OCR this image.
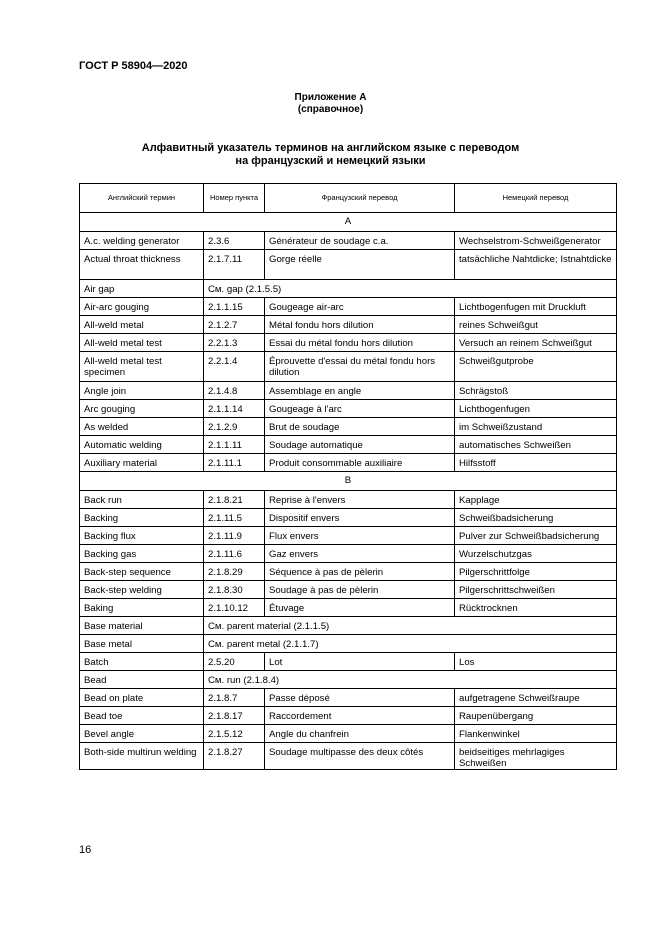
ГОСТ Р 58904—2020
Приложение А
(справочное)
Алфавитный указатель терминов на английском языке с переводом
на французский и немецкий языки
Английский термин	Номер пункта	Французский перевод	Немецкий перевод
A			
A.c. welding generator	2.3.6	Générateur de soudage c.a.	Wechselstrom-Schweißgenerator
Actual throat thickness	2.1.7.11	Gorge réelle	tatsächliche Nahtdicke; Istnahtdicke
Air gap	См. gap (2.1.5.5)		
Air-arc gouging	2.1.1.15	Gougeage air-arc	Lichtbogenfugen mit Druckluft
All-weld metal	2.1.2.7	Métal fondu hors dilution	reines Schweißgut
All-weld metal test	2.2.1.3	Essai du métal fondu hors dilution	Versuch an reinem Schweißgut
All-weld metal test specimen	2.2.1.4	Éprouvette d'essai du métal fondu hors dilution	Schweißgutprobe
Angle join	2.1.4.8	Assemblage en angle	Schrägstoß
Arc gouging	2.1.1.14	Gougeage à l'arc	Lichtbogenfugen
As welded	2.1.2.9	Brut de soudage	im Schweißzustand
Automatic welding	2.1.1.11	Soudage automatique	automatisches Schweißen
Auxiliary material	2.1.11.1	Produit consommable auxiliaire	Hilfsstoff
B			
Back run	2.1.8.21	Reprise à l'envers	Kapplage
Backing	2.1.11.5	Dispositif envers	Schweißbadsicherung
Backing flux	2.1.11.9	Flux envers	Pulver zur Schweißbadsicherung
Backing gas	2.1.11.6	Gaz envers	Wurzelschutzgas
Back-step sequence	2.1.8.29	Séquence à pas de pèlerin	Pilgerschrittfolge
Back-step welding	2.1.8.30	Soudage à pas de pèlerin	Pilgerschrittschweißen
Baking	2.1.10.12	Étuvage	Rücktrocknen
Base material	См. parent material (2.1.1.5)		
Base metal	См. parent metal (2.1.1.7)		
Batch	2.5.20	Lot	Los
Bead	См. run (2.1.8.4)		
Bead on plate	2.1.8.7	Passe déposé	aufgetragene Schweißraupe
Bead toe	2.1.8.17	Raccordement	Raupenübergang
Bevel angle	2.1.5.12	Angle du chanfrein	Flankenwinkel
Both-side multirun welding	2.1.8.27	Soudage multipasse des deux côtés	beidseitiges mehrlagiges Schweißen
16
